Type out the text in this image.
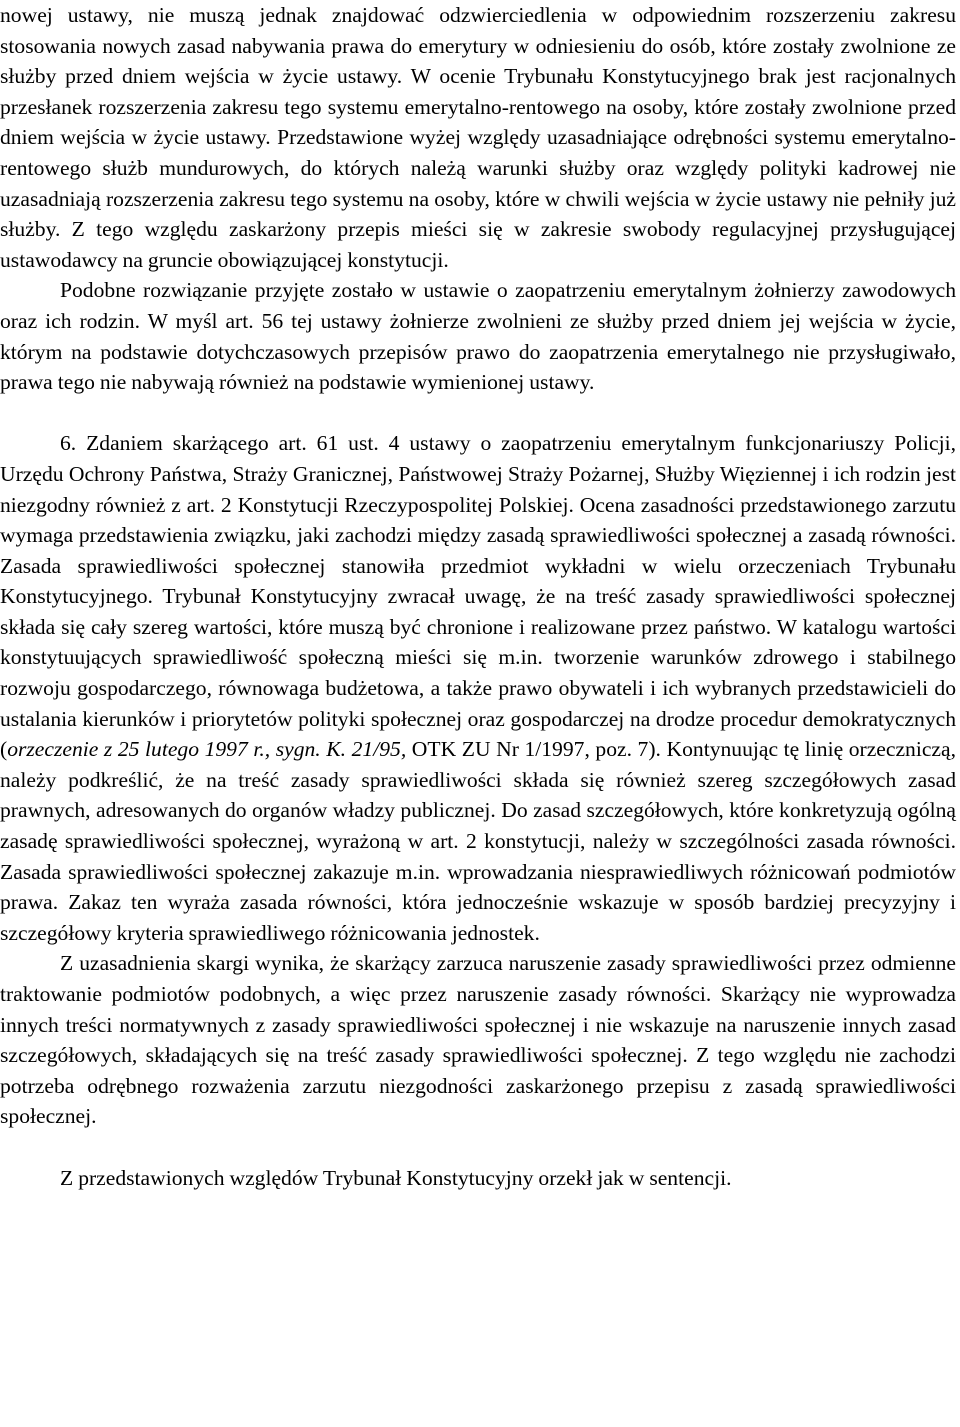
nowej ustawy, nie muszą jednak znajdować odzwierciedlenia w odpowiednim rozszerzeniu zakresu stosowania nowych zasad nabywania prawa do emerytury w odniesieniu do osób, które zostały zwolnione ze służby przed dniem wejścia w życie ustawy. W ocenie Trybunału Konstytucyjnego brak jest racjonalnych przesłanek rozszerzenia zakresu tego systemu emerytalno-rentowego na osoby, które zostały zwolnione przed dniem wejścia w życie ustawy. Przedstawione wyżej względy uzasadniające odrębności systemu emerytalno-rentowego służb mundurowych, do których należą warunki służby oraz względy polityki kadrowej nie uzasadniają rozszerzenia zakresu tego systemu na osoby, które w chwili wejścia w życie ustawy nie pełniły już służby. Z tego względu zaskarżony przepis mieści się w zakresie swobody regulacyjnej przysługującej ustawodawcy na gruncie obowiązującej konstytucji.

Podobne rozwiązanie przyjęte zostało w ustawie o zaopatrzeniu emerytalnym żołnierzy zawodowych oraz ich rodzin. W myśl art. 56 tej ustawy żołnierze zwolnieni ze służby przed dniem jej wejścia w życie, którym na podstawie dotychczasowych przepisów prawo do zaopatrzenia emerytalnego nie przysługiwało, prawa tego nie nabywają również na podstawie wymienionej ustawy.

6. Zdaniem skarżącego art. 61 ust. 4 ustawy o zaopatrzeniu emerytalnym funkcjonariuszy Policji, Urzędu Ochrony Państwa, Straży Granicznej, Państwowej Straży Pożarnej, Służby Więziennej i ich rodzin jest niezgodny również z art. 2 Konstytucji Rzeczypospolitej Polskiej. Ocena zasadności przedstawionego zarzutu wymaga przedstawienia związku, jaki zachodzi między zasadą sprawiedliwości społecznej a zasadą równości. Zasada sprawiedliwości społecznej stanowiła przedmiot wykładni w wielu orzeczeniach Trybunału Konstytucyjnego. Trybunał Konstytucyjny zwracał uwagę, że na treść zasady sprawiedliwości społecznej składa się cały szereg wartości, które muszą być chronione i realizowane przez państwo. W katalogu wartości konstytuujących sprawiedliwość społeczną mieści się m.in. tworzenie warunków zdrowego i stabilnego rozwoju gospodarczego, równowaga budżetowa, a także prawo obywateli i ich wybranych przedstawicieli do ustalania kierunków i priorytetów polityki społecznej oraz gospodarczej na drodze procedur demokratycznych (orzeczenie z 25 lutego 1997 r., sygn. K. 21/95, OTK ZU Nr 1/1997, poz. 7). Kontynuując tę linię orzeczniczą, należy podkreślić, że na treść zasady sprawiedliwości składa się również szereg szczegółowych zasad prawnych, adresowanych do organów władzy publicznej. Do zasad szczegółowych, które konkretyzują ogólną zasadę sprawiedliwości społecznej, wyrażoną w art. 2 konstytucji, należy w szczególności zasada równości. Zasada sprawiedliwości społecznej zakazuje m.in. wprowadzania niesprawiedliwych różnicowań podmiotów prawa. Zakaz ten wyraża zasada równości, która jednocześnie wskazuje w sposób bardziej precyzyjny i szczegółowy kryteria sprawiedliwego różnicowania jednostek.

Z uzasadnienia skargi wynika, że skarżący zarzuca naruszenie zasady sprawiedliwości przez odmienne traktowanie podmiotów podobnych, a więc przez naruszenie zasady równości. Skarżący nie wyprowadza innych treści normatywnych z zasady sprawiedliwości społecznej i nie wskazuje na naruszenie innych zasad szczegółowych, składających się na treść zasady sprawiedliwości społecznej. Z tego względu nie zachodzi potrzeba odrębnego rozważenia zarzutu niezgodności zaskarżonego przepisu z zasadą sprawiedliwości społecznej.

Z przedstawionych względów Trybunał Konstytucyjny orzekł jak w sentencji.
